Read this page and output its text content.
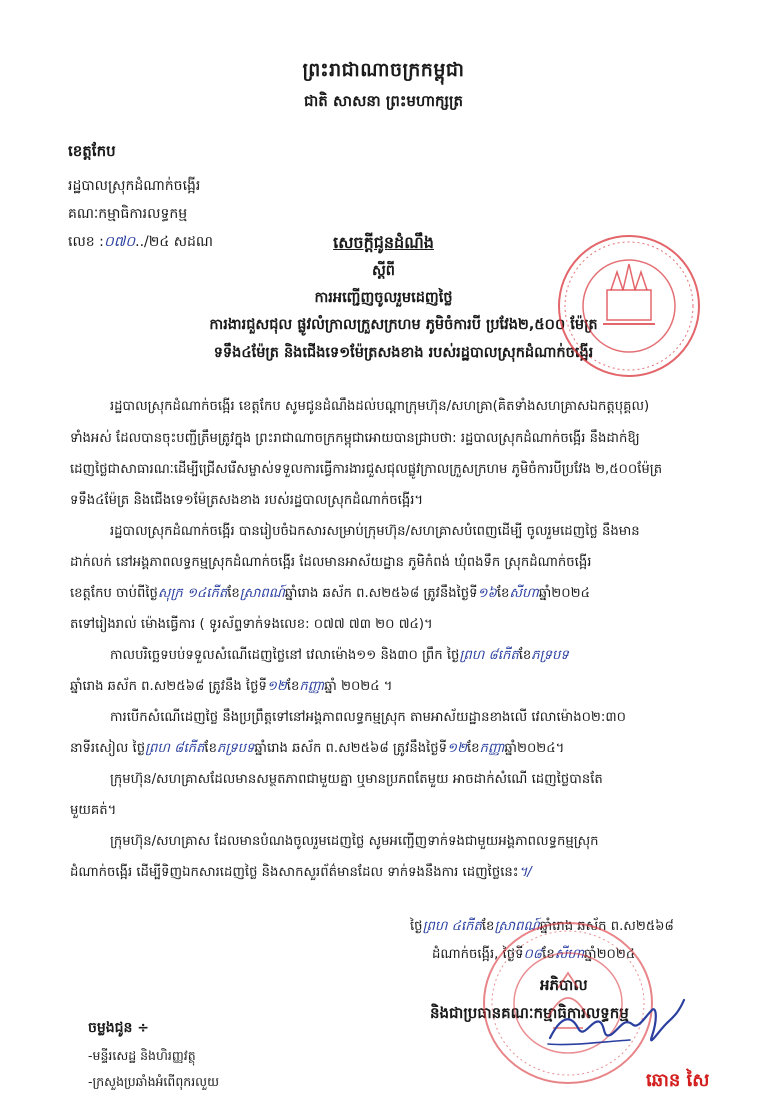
ព្រះរាជាណាចក្រកម្ពុជា
ជាតិ សាសនា ព្រះមហាក្សត្រ
ខេត្តកែប
រដ្ឋបាលស្រុកដំណាក់ចង្អើរ
គណៈកម្មាធិការលទ្ធកម្ម
លេខ :០៧០../២៤ សដណ	សេចក្ដីជូនដំណឹង
ស្ដីពី
ការអញ្ជើញចូលរួមដេញថ្លៃ
ការងារជួសជុល ផ្លូវលំក្រាលក្រួសក្រហម ភូមិចំការបី ប្រវែង២,៥០០ ម៉ែត្រ
ទទឹង៤ម៉ែត្រ និងជើងទេ១ម៉ែត្រសងខាង របស់រដ្ឋបាលស្រុកដំណាក់ចង្អើរ
រដ្ឋបាលស្រុកដំណាក់ចង្អើរ ខេត្តកែប សូមជូនដំណឹងដល់បណ្ដាក្រុមហ៊ុន/សហគ្រា(គិតទាំងសហគ្រាសឯកត្តបុគ្គល)
ទាំងអស់ ដែលបានចុះបញ្ជីត្រឹមត្រូវក្នុង ព្រះរាជាណាចក្រកម្ពុជាអោយបានជ្រាបថា: រដ្ឋបាលស្រុកដំណាក់ចង្អើរ នឹងដាក់ឱ្យ
ដេញថ្លៃជាសាធារណៈដើម្បីជ្រើសរើសម្ចាស់ទទួលការធ្វើការងារជួសជុលផ្លូវក្រាលក្រួសក្រហម ភូមិចំការបីប្រវែង ២,៥០០ម៉ែត្រ
ទទឹង៤ម៉ែត្រ និងជើងទេ១ម៉ែត្រសងខាង របស់រដ្ឋបាលស្រុកដំណាក់ចង្អើរ។
រដ្ឋបាលស្រុកដំណាក់ចង្អើរ បានរៀបចំឯកសារសម្រាប់ក្រុមហ៊ុន/សហគ្រាសបំពេញដើម្បី ចូលរួមដេញថ្លៃ នឹងមាន
ដាក់លក់ នៅអង្គភាពលទ្ធកម្មស្រុកដំណាក់ចង្អើរ ដែលមានអាស័យដ្ឋាន ភូមិកំពង់ ឃុំពងទឹក ស្រុកដំណាក់ចង្អើរ
ខេត្តកែប ចាប់ពីថ្ងៃសុក្រ ១៤កើតខែស្រាពណ៍ឆ្នាំរោង ឆស័ក ព.ស២៥៦៨ ត្រូវនឹងថ្ងៃទី១៦ខែសីហាឆ្នាំ២០២៤
តទៅរៀងរាល់ ម៉ោងធ្វើការ ( ទូរស័ព្ទទាក់ទងលេខ: ០៧៧ ៧៣ ២០ ៧៤)។
កាលបរិច្ឆេទបប់ទទួលសំណើដេញថ្លៃនៅ វេលាម៉ោង១១ និង៣០ ព្រឹក ថ្ងៃព្រហ ៨កើតខែភទ្របទ
ឆ្នាំរោង ឆស័ក ព.ស២៥៦៨ ត្រូវនឹង ថ្ងៃទី១២ខែកញ្ញាឆ្នាំ ២០២៤ ។
ការបើកសំណើដេញថ្លៃ នឹងប្រព្រឹត្តទៅនៅអង្គភាពលទ្ធកម្មស្រុក តាមអាស័យដ្ឋានខាងលើ វេលាម៉ោង០២:៣០
នាទីរសៀល ថ្ងៃព្រហ ៨កើតខែភទ្របទឆ្នាំរោង ឆស័ក ព.ស២៥៦៨ ត្រូវនឹងថ្ងៃទី១២ខែកញ្ញាឆ្នាំ២០២៤។
ក្រុមហ៊ុន/សហគ្រាសដែលមានសម្ថតភាពជាមួយគ្នា ឬមានប្រភពតែមួយ អាចដាក់សំណើ ដេញថ្លៃបានតែ
មួយគត់។
ក្រុមហ៊ុន/សហគ្រាស ដែលមានបំណងចូលរួមដេញថ្លៃ សូមអញ្ជើញទាក់ទងជាមួយអង្គភាពលទ្ធកម្មស្រុក
ដំណាក់ចង្អើរ ដើម្បីទិញឯកសារដេញថ្លៃ និងសាកសួរព័ត៌មានដែល ទាក់ទងនឹងការ ដេញថ្លៃនេះ។/
ថ្ងៃព្រហ ៤កើតខែស្រាពណ៍ឆ្នាំរោង ឆស័ក ព.ស២៥៦៨
ដំណាក់ចង្អើរ, ថ្ងៃទី០៨ខែសីហាឆ្នាំ២០២៤
អភិបាល
និងជាប្រធានគណៈកម្មាធិការលទ្ធកម្ម
ឆោន សៃ
ចម្លងជូន ÷
-មន្ទីរសេដ្ឋ និងហិរញ្ញវត្ថុ
-ក្រសួងប្រឆាំងអំពើពុករលួយ
